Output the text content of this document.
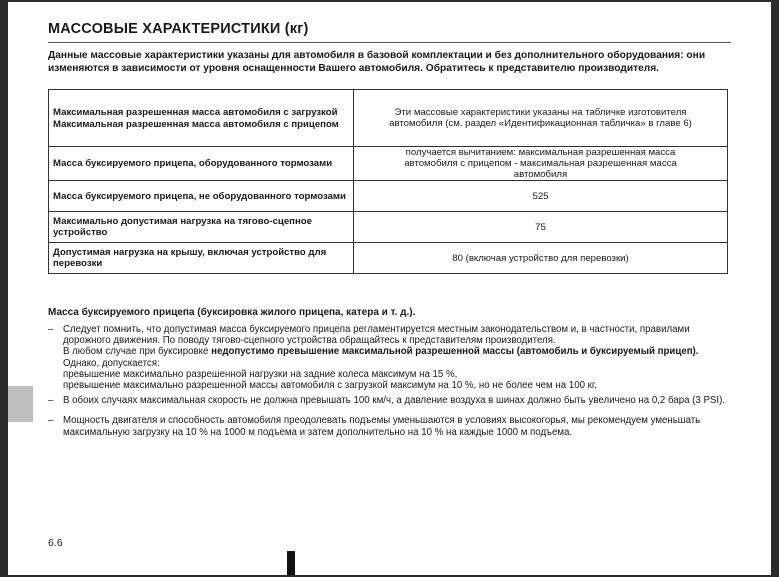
МАССОВЫЕ ХАРАКТЕРИСТИКИ (кг)
Данные массовые характеристики указаны для автомобиля в базовой комплектации и без дополнительного оборудования: они изменяются в зависимости от уровня оснащенности Вашего автомобиля. Обратитесь к представителю производителя.
Максимальная разрешенная масса автомобиля с загрузкой
Максимальная разрешенная масса автомобиля с прицепом	Эти массовые характеристики указаны на табличке изготовителя автомобиля (см. раздел «Идентификационная табличка» в главе 6)
Масса буксируемого прицепа, оборудованного тормозами	получается вычитанием: максимальная разрешенная масса автомобиля с прицепом - максимальная разрешенная масса автомобиля
Масса буксируемого прицепа, не оборудованного тормозами	525
Максимально допустимая нагрузка на тягово-сцепное устройство	75
Допустимая нагрузка на крышу, включая устройство для перевозки	80 (включая устройство для перевозки)
Масса буксируемого прицепа (буксировка жилого прицепа, катера и т. д.).
– Следует помнить, что допустимая масса буксируемого прицепа регламентируется местным законодательством и, в частности, правилами дорожного движения. По поводу тягово-сцепного устройства обращайтесь к представителям производителя.

В любом случае при буксировке недопустимо превышение максимальной разрешенной массы (автомобиль и буксируемый прицеп). Однако, допускается:

превышение максимально разрешенной нагрузки на задние колеса максимум на 15 %,

превышение максимально разрешенной массы автомобиля с загрузкой максимум на 10 %, но не более чем на 100 кг.

– В обоих случаях максимальная скорость не должна превышать 100 км/ч, а давление воздуха в шинах должно быть увеличено на 0,2 бара (3 PSI).

– Мощность двигателя и способность автомобиля преодолевать подъемы уменьшаются в условиях высокогорья, мы рекомендуем уменьшать максимальную загрузку на 10 % на 1000 м подъема и затем дополнительно на 10 % на каждые 1000 м подъема.

6.6
